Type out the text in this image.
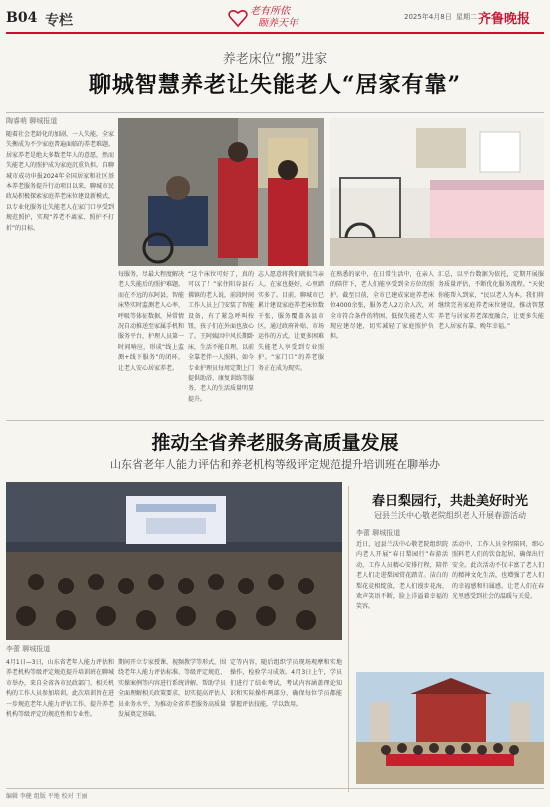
B04 专栏
老有所依
颐养天年
2025年4月8日 星期二 齐鲁晚报
养老床位“搬”进家
聊城智慧养老让失能老人“居家有靠”
陶睿萌 聊城报道
随着社会老龄化的加剧，一人失能，全家失衡成为不少家庭普遍面临的养老难题。居家养老是绝大多数老年人的意愿，然而失能老人的照护成为家庭沉重负担。自聊城市成功申报2024年全国居家和社区基本养老服务提升行动项目以来，聊城市民政局积极探索家庭养老床位建设新模式，以专业化服务让失能老人在家门口享受到规范照护，实现“养老不离家、照护不打折”的目标。
每服务，尽最大程度解决老人失能后的照护难题。而在不远的东阿县，智能床垫实时监测老人心率、呼吸等体征数据，异常情况自动推送至家属手机和服务平台，护理人员第一时间响应，形成“线上监测+线下服务”的闭环，让老人安心居家养老。
“这个床位可好了，真的可以了！”家住阳谷县石佛镇的老人说，前段时间工作人员上门安装了智能设备，有了紧急呼叫按钮，孩子们在外面也放心了。王阿姨因中风长期卧床，生活不能自理，以前全靠老伴一人照料，如今专业护理员每周定期上门提供助浴、康复训练等服务，老人的生活质量明显提升。
志人愿意将我们就很当亲人，在家也挺好，心里踏实多了。目前，聊城市已累计建设家庭养老床位数千张，服务覆盖各县市区，通过政府补贴、市场运作的方式，让更多困难失能老人享受到专业照护。“家门口”的养老服务正在成为现实。
在熟悉的家中，在日常生活中，在亲人的陪伴下，老人们能享受到全方位的照护。截至目前，全市已建成家庭养老床位4000余张，服务老人2万余人次，对全市符合条件的特困、低保失能老人实现应建尽建，切实减轻了家庭照护负担。
汇总，以平台数据为依托，定期开展服务质量评估，不断优化服务流程。“天使你能帮入到家，“民以老人为本。我们将继续完善家庭养老床位建设，推动智慧养老与居家养老深度融合，让更多失能老人居家有靠、晚年幸福。”
推动全省养老服务高质量发展
山东省老年人能力评估和养老机构等级评定规范提升培训班在聊举办
李蕾 聊城报道
4月1日—3日，山东省老年人能力评估和养老机构等级评定规范提升培训班在聊城市举办，来自全省各市民政部门、相关机构的工作人员参加培训。此次培训旨在进一步规范老年人能力评估工作，提升养老机构等级评定的规范性和专业性。
期间开立专家授课、视频教学等形式，围绕老年人能力评估标准、等级评定规范、实操案例等内容进行系统讲解，帮助学员全面理解相关政策要求，切实提高评估人员业务水平，为推动全省养老服务高质量发展奠定基础。
定等内容，随后组织学员现场观摩和实地操作，检验学习成效。4月3日上午，学员们进行了结业考试，考试内容涵盖理论知识和实际操作两部分，确保每位学员都能掌握评估技能，学以致用。
春日梨园行，共赴美好时光
冠县兰沃中心敬老院组织老人开展春游活动
李蕾 聊城报道
近日，冠县兰沃中心敬老院组织院内老人开展“春日梨园行”春游活动，工作人员精心安排行程，陪伴老人们走进梨园赏花踏青。洁白的梨花竞相绽放，老人们漫步花海，欢声笑语不断，脸上洋溢着幸福的笑容。
活动中，工作人员全程陪同，细心照料老人们的饮食起居，确保出行安全。此次活动不仅丰富了老人们的精神文化生活，也增强了老人们的幸福感和归属感，让老人们在春光里感受到社会的温暖与关爱。
编辑 李健 组版 平地 校对 王丽
